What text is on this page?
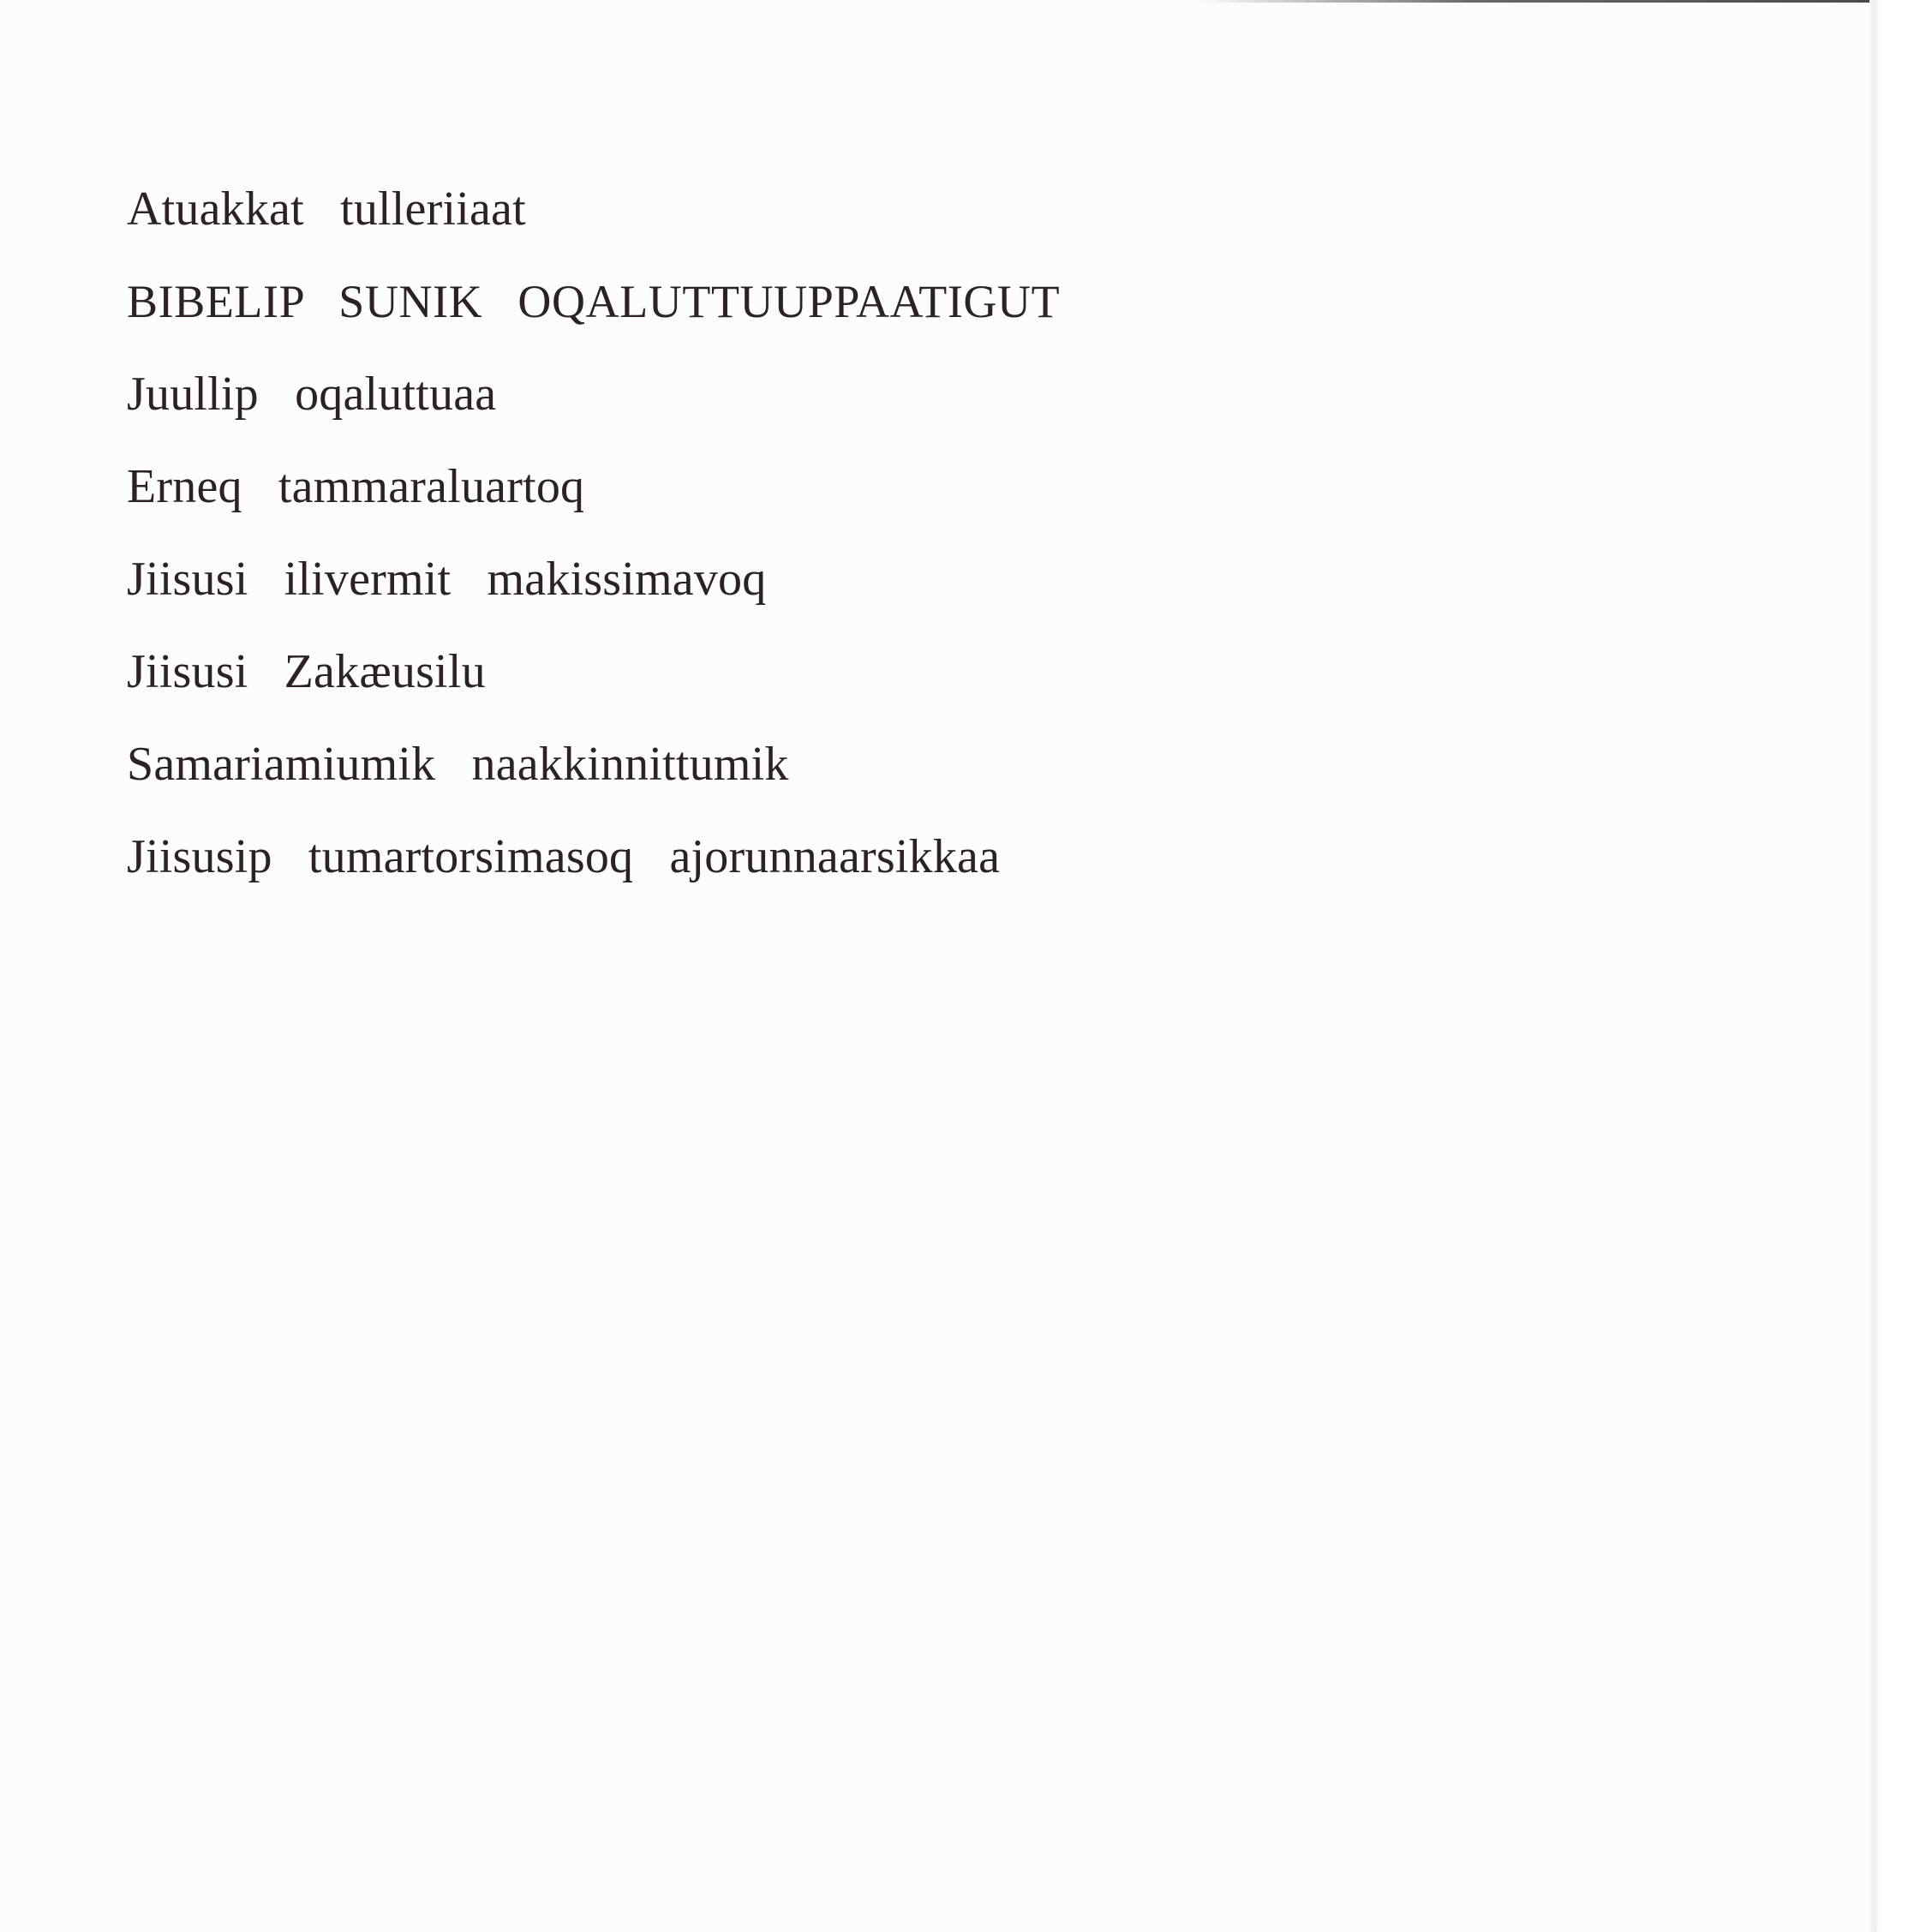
Atuakkat tulleriiaat
BIBELIP SUNIK OQALUTTUUPPAATIGUT
Juullip oqaluttuaa
Erneq tammaraluartoq
Jiisusi ilivermit makissimavoq
Jiisusi Zakæusilu
Samariamiumik naakkinnittumik
Jiisusip tumartorsimasoq ajorunnaarsikkaa
